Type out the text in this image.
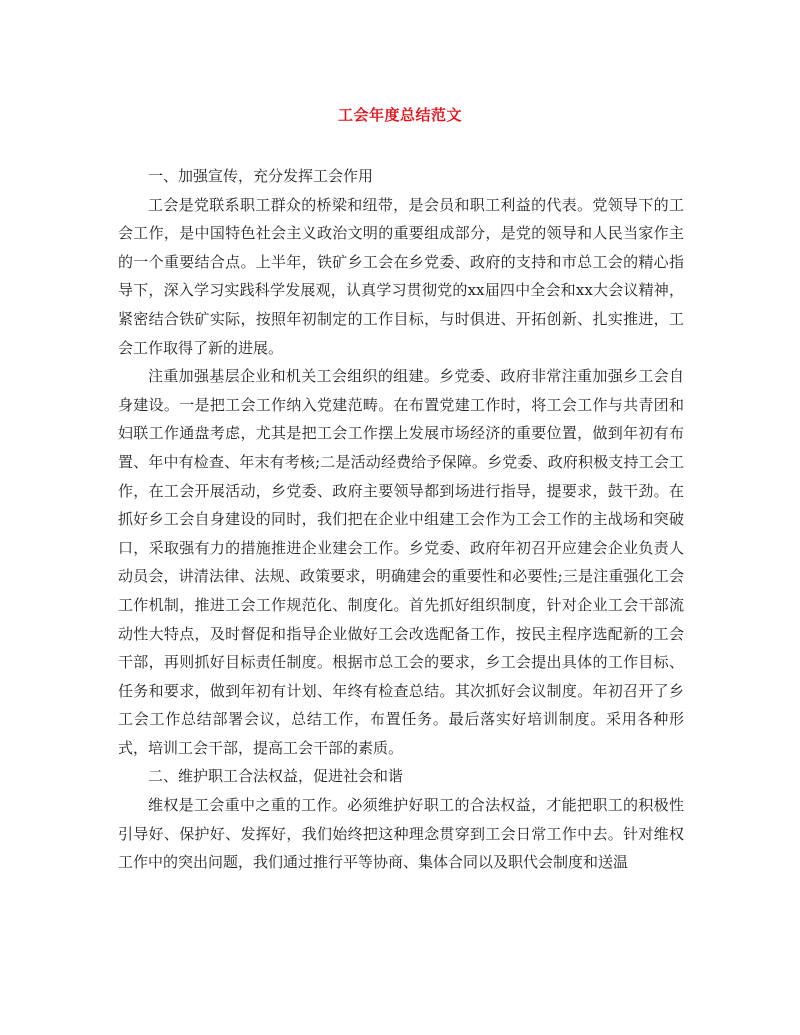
工会年度总结范文

一、加强宣传，充分发挥工会作用

工会是党联系职工群众的桥梁和纽带，是会员和职工利益的代表。党领导下的工会工作，是中国特色社会主义政治文明的重要组成部分，是党的领导和人民当家作主的一个重要结合点。上半年，铁矿乡工会在乡党委、政府的支持和市总工会的精心指导下，深入学习实践科学发展观，认真学习贯彻党的xx届四中全会和xx大会议精神，紧密结合铁矿实际，按照年初制定的工作目标，与时俱进、开拓创新、扎实推进，工会工作取得了新的进展。

注重加强基层企业和机关工会组织的组建。乡党委、政府非常注重加强乡工会自身建设。一是把工会工作纳入党建范畴。在布置党建工作时，将工会工作与共青团和妇联工作通盘考虑，尤其是把工会工作摆上发展市场经济的重要位置，做到年初有布置、年中有检查、年末有考核;二是活动经费给予保障。乡党委、政府积极支持工会工作，在工会开展活动，乡党委、政府主要领导都到场进行指导，提要求，鼓干劲。在抓好乡工会自身建设的同时，我们把在企业中组建工会作为工会工作的主战场和突破口，采取强有力的措施推进企业建会工作。乡党委、政府年初召开应建会企业负责人动员会，讲清法律、法规、政策要求，明确建会的重要性和必要性;三是注重强化工会工作机制，推进工会工作规范化、制度化。首先抓好组织制度，针对企业工会干部流动性大特点，及时督促和指导企业做好工会改选配备工作，按民主程序选配新的工会干部，再则抓好目标责任制度。根据市总工会的要求，乡工会提出具体的工作目标、任务和要求，做到年初有计划、年终有检查总结。其次抓好会议制度。年初召开了乡工会工作总结部署会议，总结工作，布置任务。最后落实好培训制度。采用各种形式，培训工会干部，提高工会干部的素质。

二、维护职工合法权益，促进社会和谐

维权是工会重中之重的工作。必须维护好职工的合法权益，才能把职工的积极性引导好、保护好、发挥好，我们始终把这种理念贯穿到工会日常工作中去。针对维权工作中的突出问题，我们通过推行平等协商、集体合同以及职代会制度和送温
